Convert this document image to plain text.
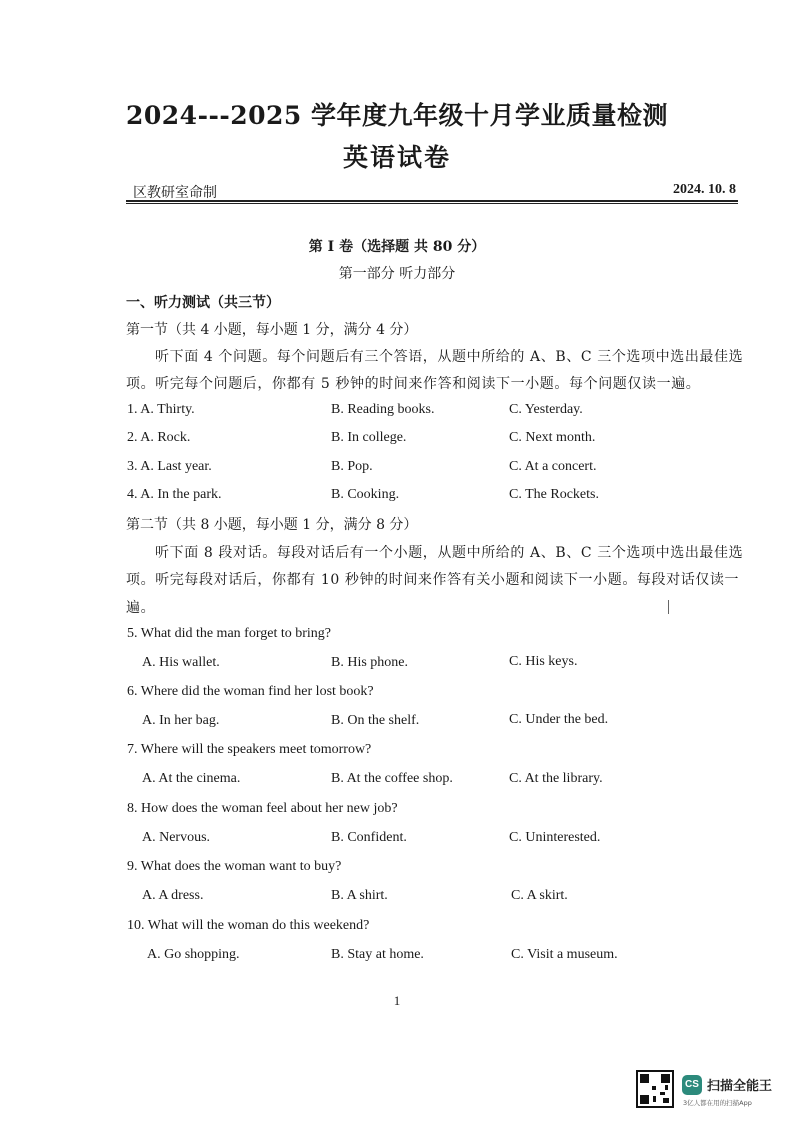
2024---2025 学年度九年级十月学业质量检测
英语试卷
区教研室命制	2024. 10. 8
第 I 卷（选择题 共 80 分）
第一部分 听力部分
一、听力测试（共三节）
第一节（共 4 小题，每小题 1 分，满分 4 分）
听下面 4 个问题。每个问题后有三个答语，从题中所给的 A、B、C 三个选项中选出最佳选
项。听完每个问题后，你都有 5 秒钟的时间来作答和阅读下一小题。每个问题仅读一遍。
1. A. Thirty.	B. Reading books.	C. Yesterday.
2. A. Rock.	B. In college.	C. Next month.
3. A. Last year.	B. Pop.	C. At a concert.
4. A. In the park.	B. Cooking.	C. The Rockets.
第二节（共 8 小题，每小题 1 分，满分 8 分）
听下面 8 段对话。每段对话后有一个小题，从题中所给的 A、B、C 三个选项中选出最佳选
项。听完每段对话后，你都有 10 秒钟的时间来作答有关小题和阅读下一小题。每段对话仅读一
遍。
5. What did the man forget to bring?
A. His wallet.	B. His phone.	C. His keys.
6. Where did the woman find her lost book?
A. In her bag.	B. On the shelf.	C. Under the bed.
7. Where will the speakers meet tomorrow?
A. At the cinema.	B. At the coffee shop.	C. At the library.
8. How does the woman feel about her new job?
A. Nervous.	B. Confident.	C. Uninterested.
9. What does the woman want to buy?
A. A dress.	B. A shirt.	C. A skirt.
10. What will the woman do this weekend?
A. Go shopping.	B. Stay at home.	C. Visit a museum.
1
CS 扫描全能王
3亿人都在用的扫描App
